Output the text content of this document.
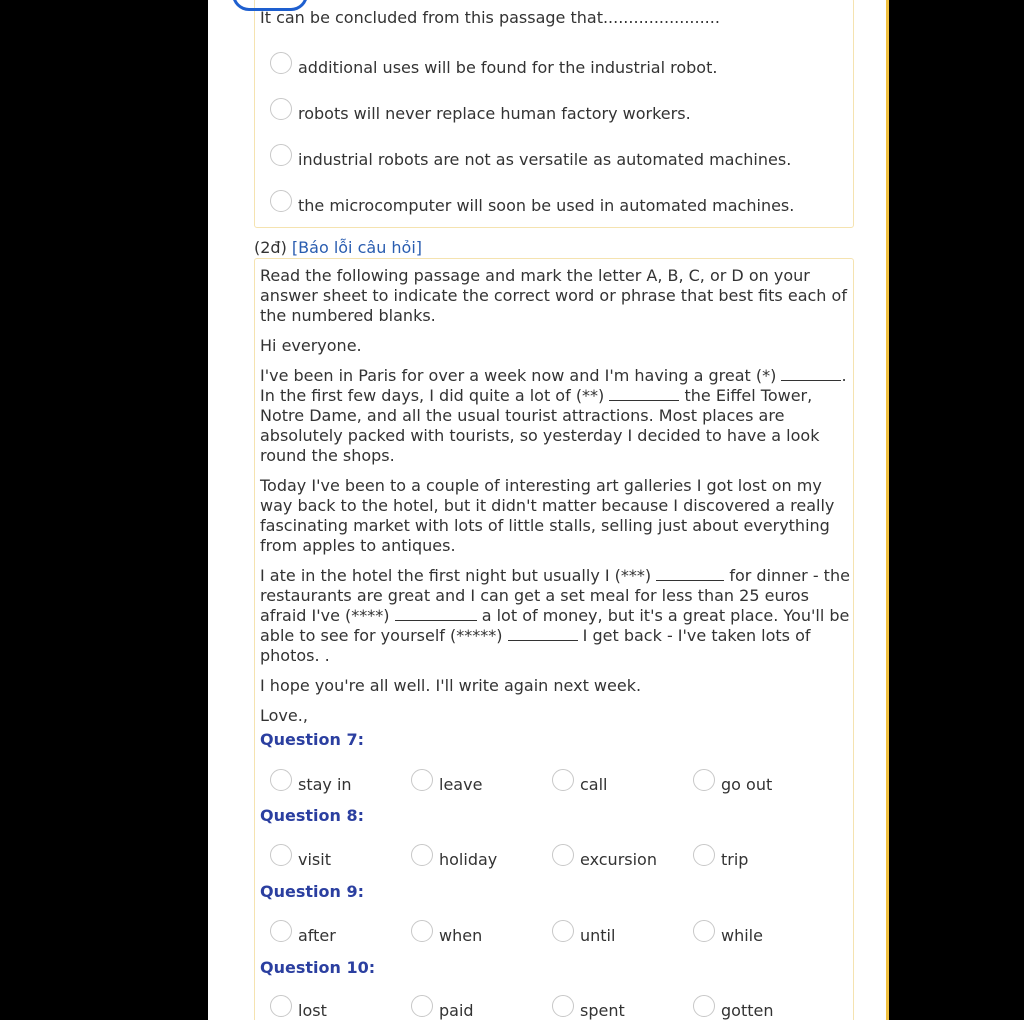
It can be concluded from this passage that.......................
additional uses will be found for the industrial robot.
robots will never replace human factory workers.
industrial robots are not as versatile as automated machines.
the microcomputer will soon be used in automated machines.
(2đ) [Báo lỗi câu hỏi]

Read the following passage and mark the letter A, B, C, or D on your answer sheet to indicate the correct word or phrase that best fits each of the numbered blanks.

Hi everyone.

I've been in Paris for over a week now and I'm having a great (*)	. In the first few days, I did quite a lot of (**)	the Eiffel Tower, Notre Dame, and all the usual tourist attractions. Most places are absolutely packed with tourists, so yesterday I decided to have a look round the shops.

Today I've been to a couple of interesting art galleries I got lost on my way back to the hotel, but it didn't matter because I discovered a really fascinating market with lots of little stalls, selling just about everything from apples to antiques.

I ate in the hotel the first night but usually I (***)	for dinner - the restaurants are great and I can get a set meal for less than 25 euros afraid I've (****)	a lot of money, but it's a great place. You'll be able to see for yourself (*****)	I get back - I've taken lots of photos. .

I hope you're all well. I'll write again next week.

Love.,

Question 7:
stay in	leave	call	go out
Question 8:
visit	holiday	excursion	trip
Question 9:
after	when	until	while
Question 10:
lost	paid	spent	gotten
